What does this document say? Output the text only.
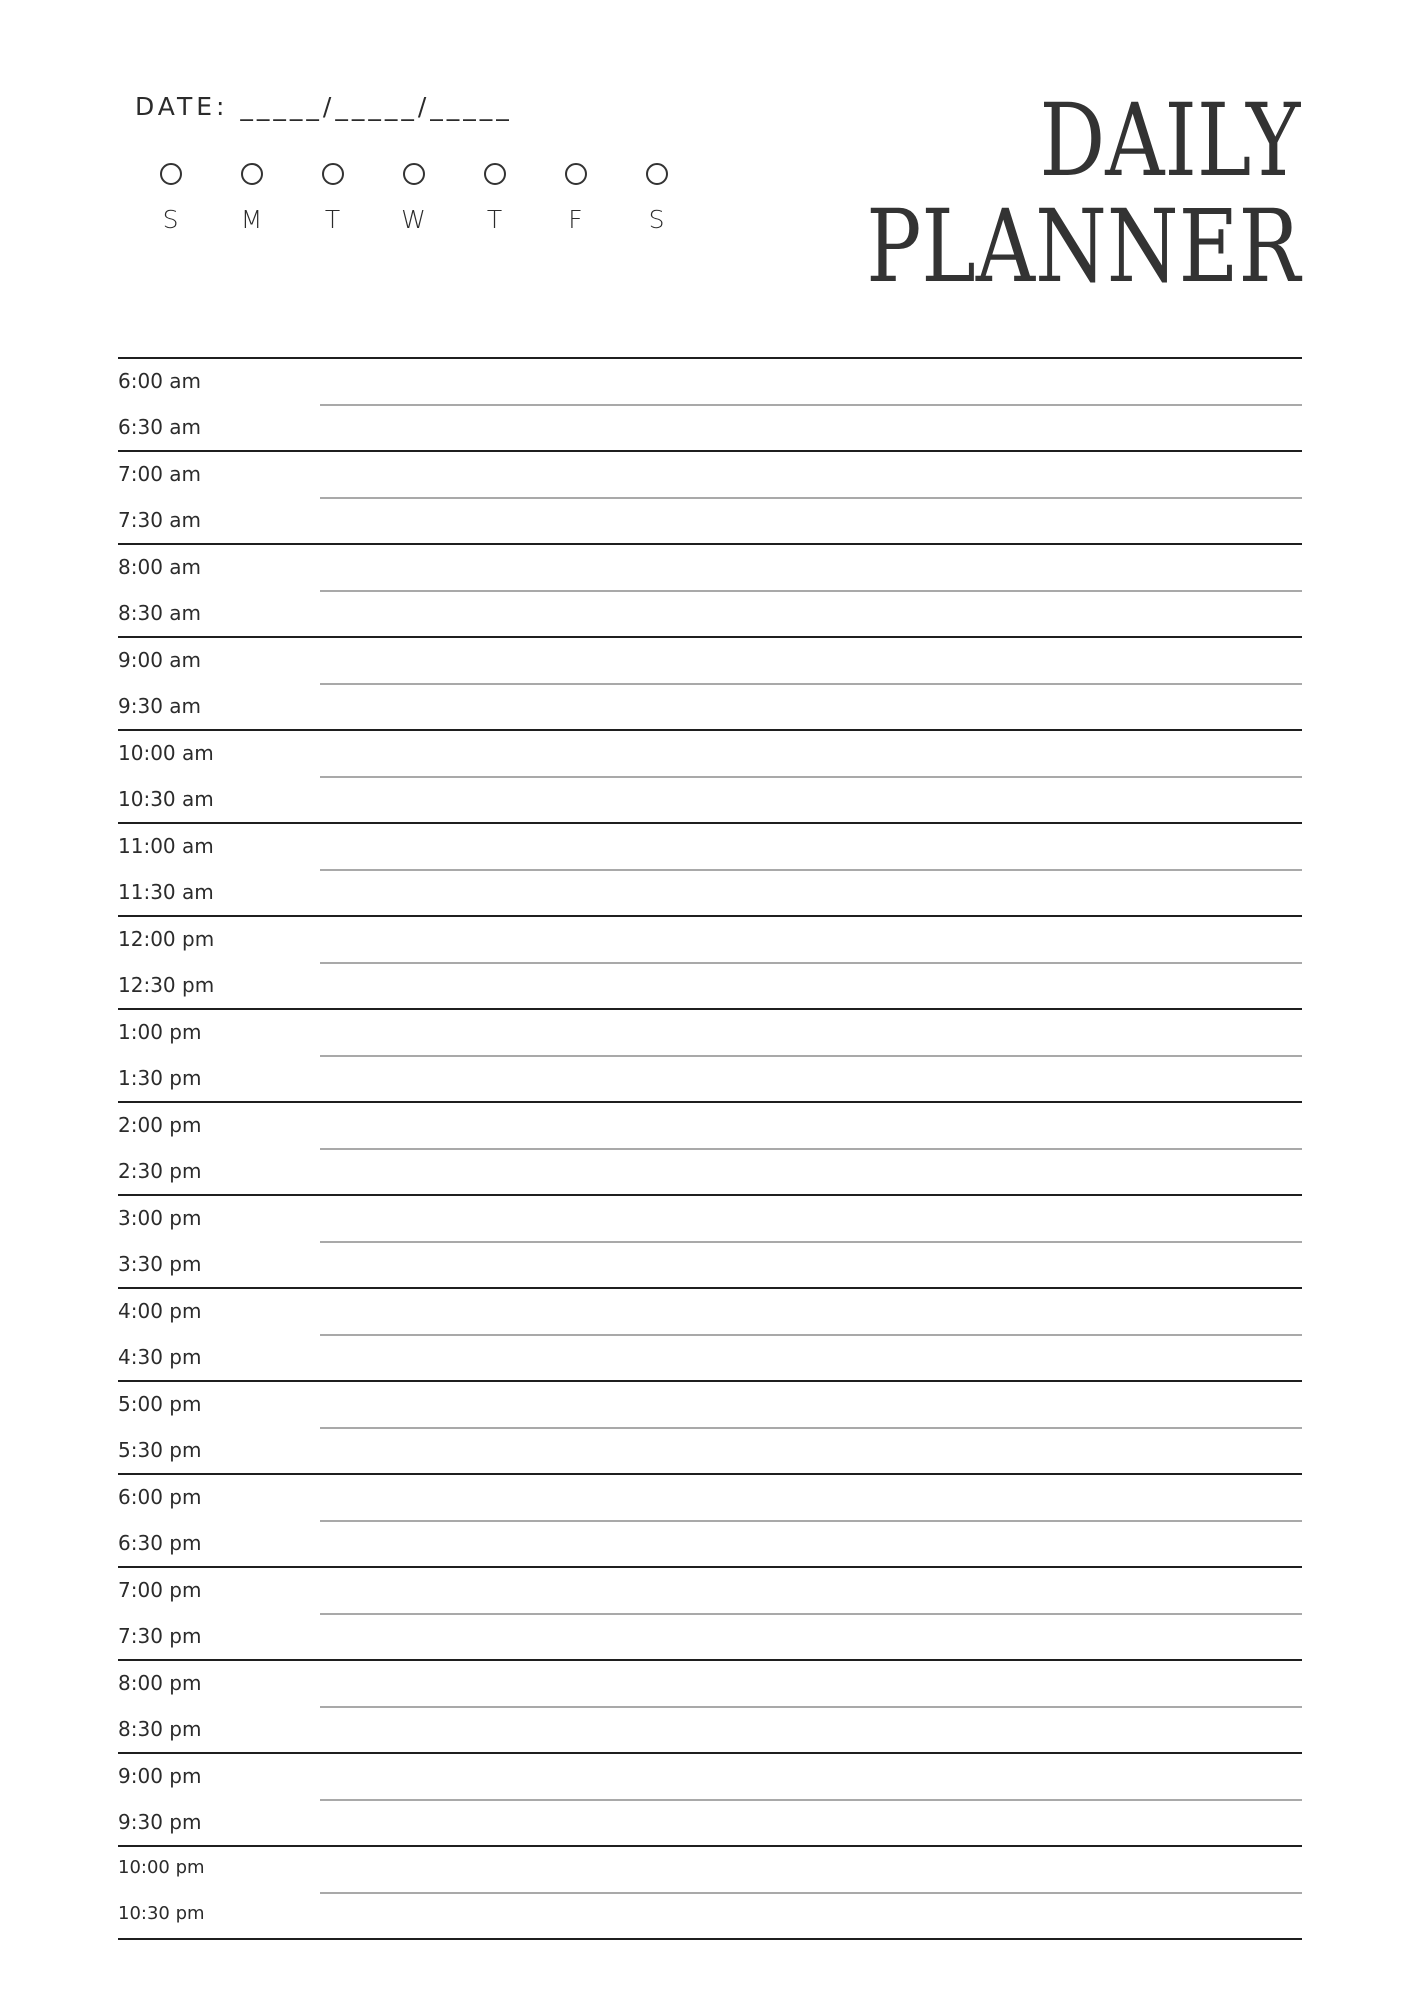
DATE: _____/_____/_____
S M	T W T	F	S
DAILY
PLANNER
6:00 am
6:30 am
7:00 am
7:30 am
8:00 am
8:30 am
9:00 am
9:30 am
10:00 am
10:30 am
11:00 am
11:30 am
12:00 pm
12:30 pm
1:00 pm
1:30 pm
2:00 pm
2:30 pm
3:00 pm
3:30 pm
4:00 pm
4:30 pm
5:00 pm
5:30 pm
6:00 pm
6:30 pm
7:00 pm
7:30 pm
8:00 pm
8:30 pm
9:00 pm
9:30 pm
10:00 pm
10:30 pm
